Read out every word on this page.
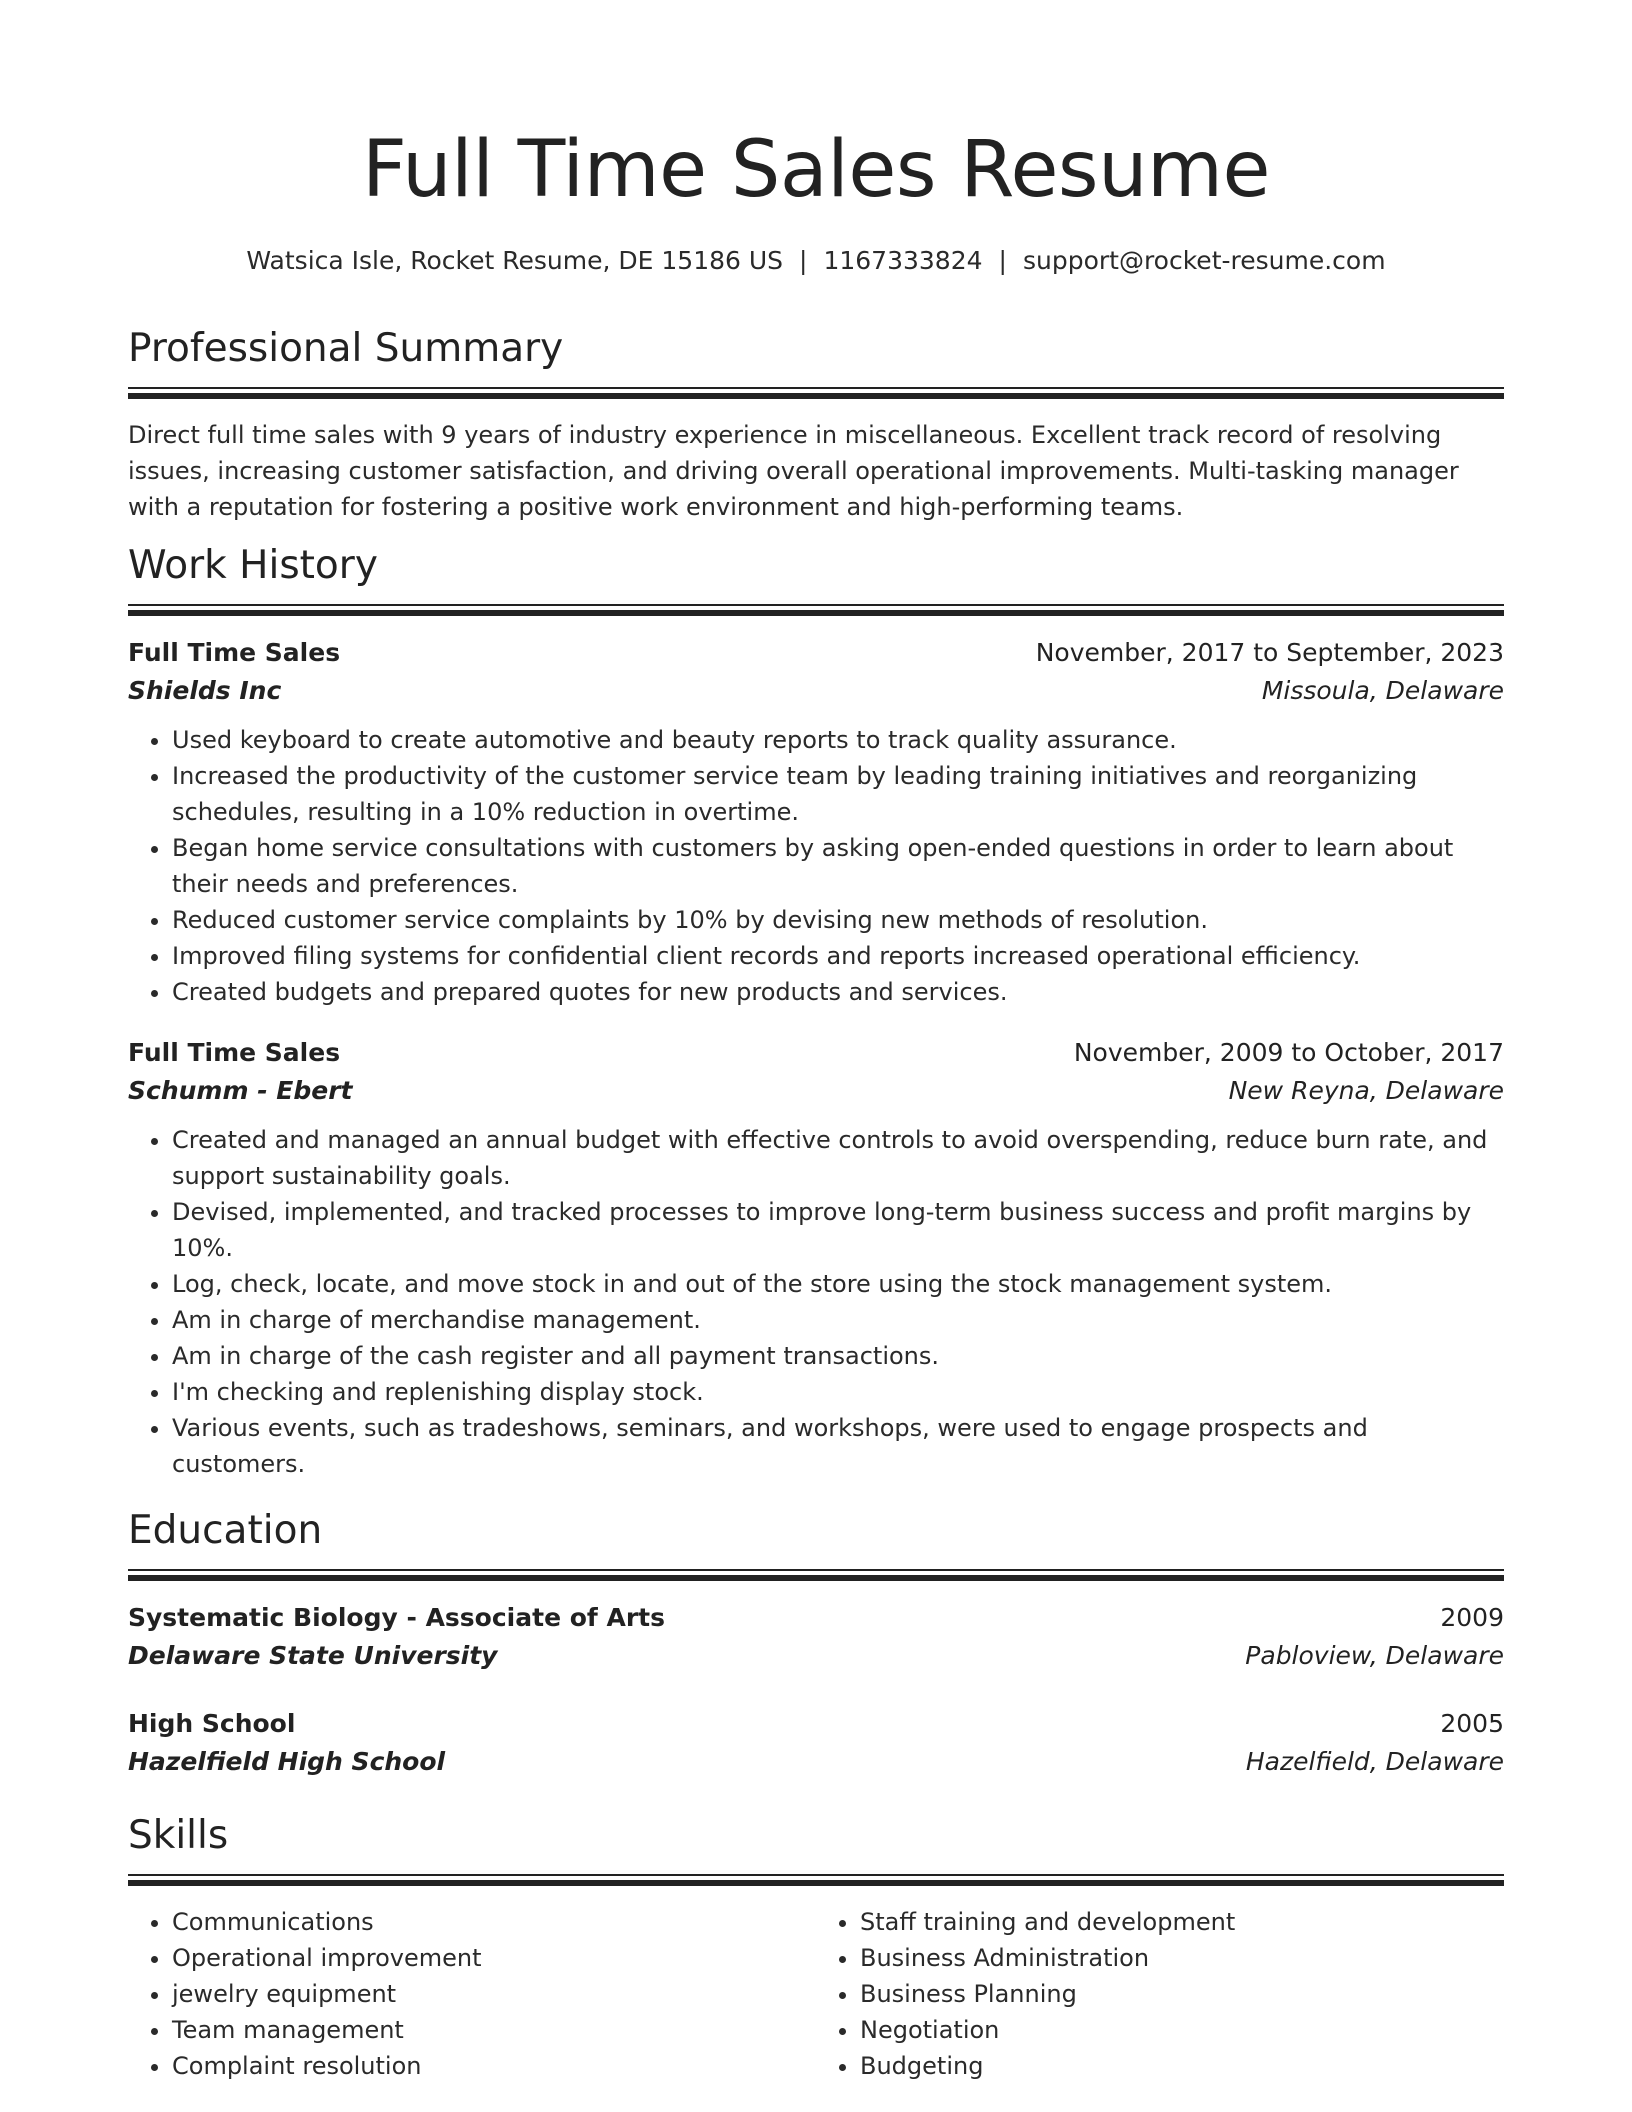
Full Time Sales Resume
Watsica Isle, Rocket Resume, DE 15186 US | 1167333824 | support@rocket-resume.com
Professional Summary

Direct full time sales with 9 years of industry experience in miscellaneous. Excellent track record of resolving issues, increasing customer satisfaction, and driving overall operational improvements. Multi-tasking manager with a reputation for fostering a positive work environment and high-performing teams.

Work History
Full Time Sales	November, 2017 to September, 2023
Shields Inc	Missoula, Delaware
• Used keyboard to create automotive and beauty reports to track quality assurance.
• Increased the productivity of the customer service team by leading training initiatives and reorganizing schedules, resulting in a 10% reduction in overtime.
• Began home service consultations with customers by asking open-ended questions in order to learn about their needs and preferences.
• Reduced customer service complaints by 10% by devising new methods of resolution.
• Improved filing systems for confidential client records and reports increased operational efficiency.
• Created budgets and prepared quotes for new products and services.
Full Time Sales	November, 2009 to October, 2017
Schumm - Ebert	New Reyna, Delaware
• Created and managed an annual budget with effective controls to avoid overspending, reduce burn rate, and support sustainability goals.
• Devised, implemented, and tracked processes to improve long-term business success and profit margins by 10%.
• Log, check, locate, and move stock in and out of the store using the stock management system.
• Am in charge of merchandise management.
• Am in charge of the cash register and all payment transactions.
• I'm checking and replenishing display stock.
• Various events, such as tradeshows, seminars, and workshops, were used to engage prospects and customers.
Education
Systematic Biology - Associate of Arts	2009
Delaware State University	Pabloview, Delaware
High School	2005
Hazelfield High School	Hazelfield, Delaware
Skills
• Communications
• Operational improvement
• jewelry equipment
• Team management
• Complaint resolution
• Staff training and development
• Business Administration
• Business Planning
• Negotiation
• Budgeting
